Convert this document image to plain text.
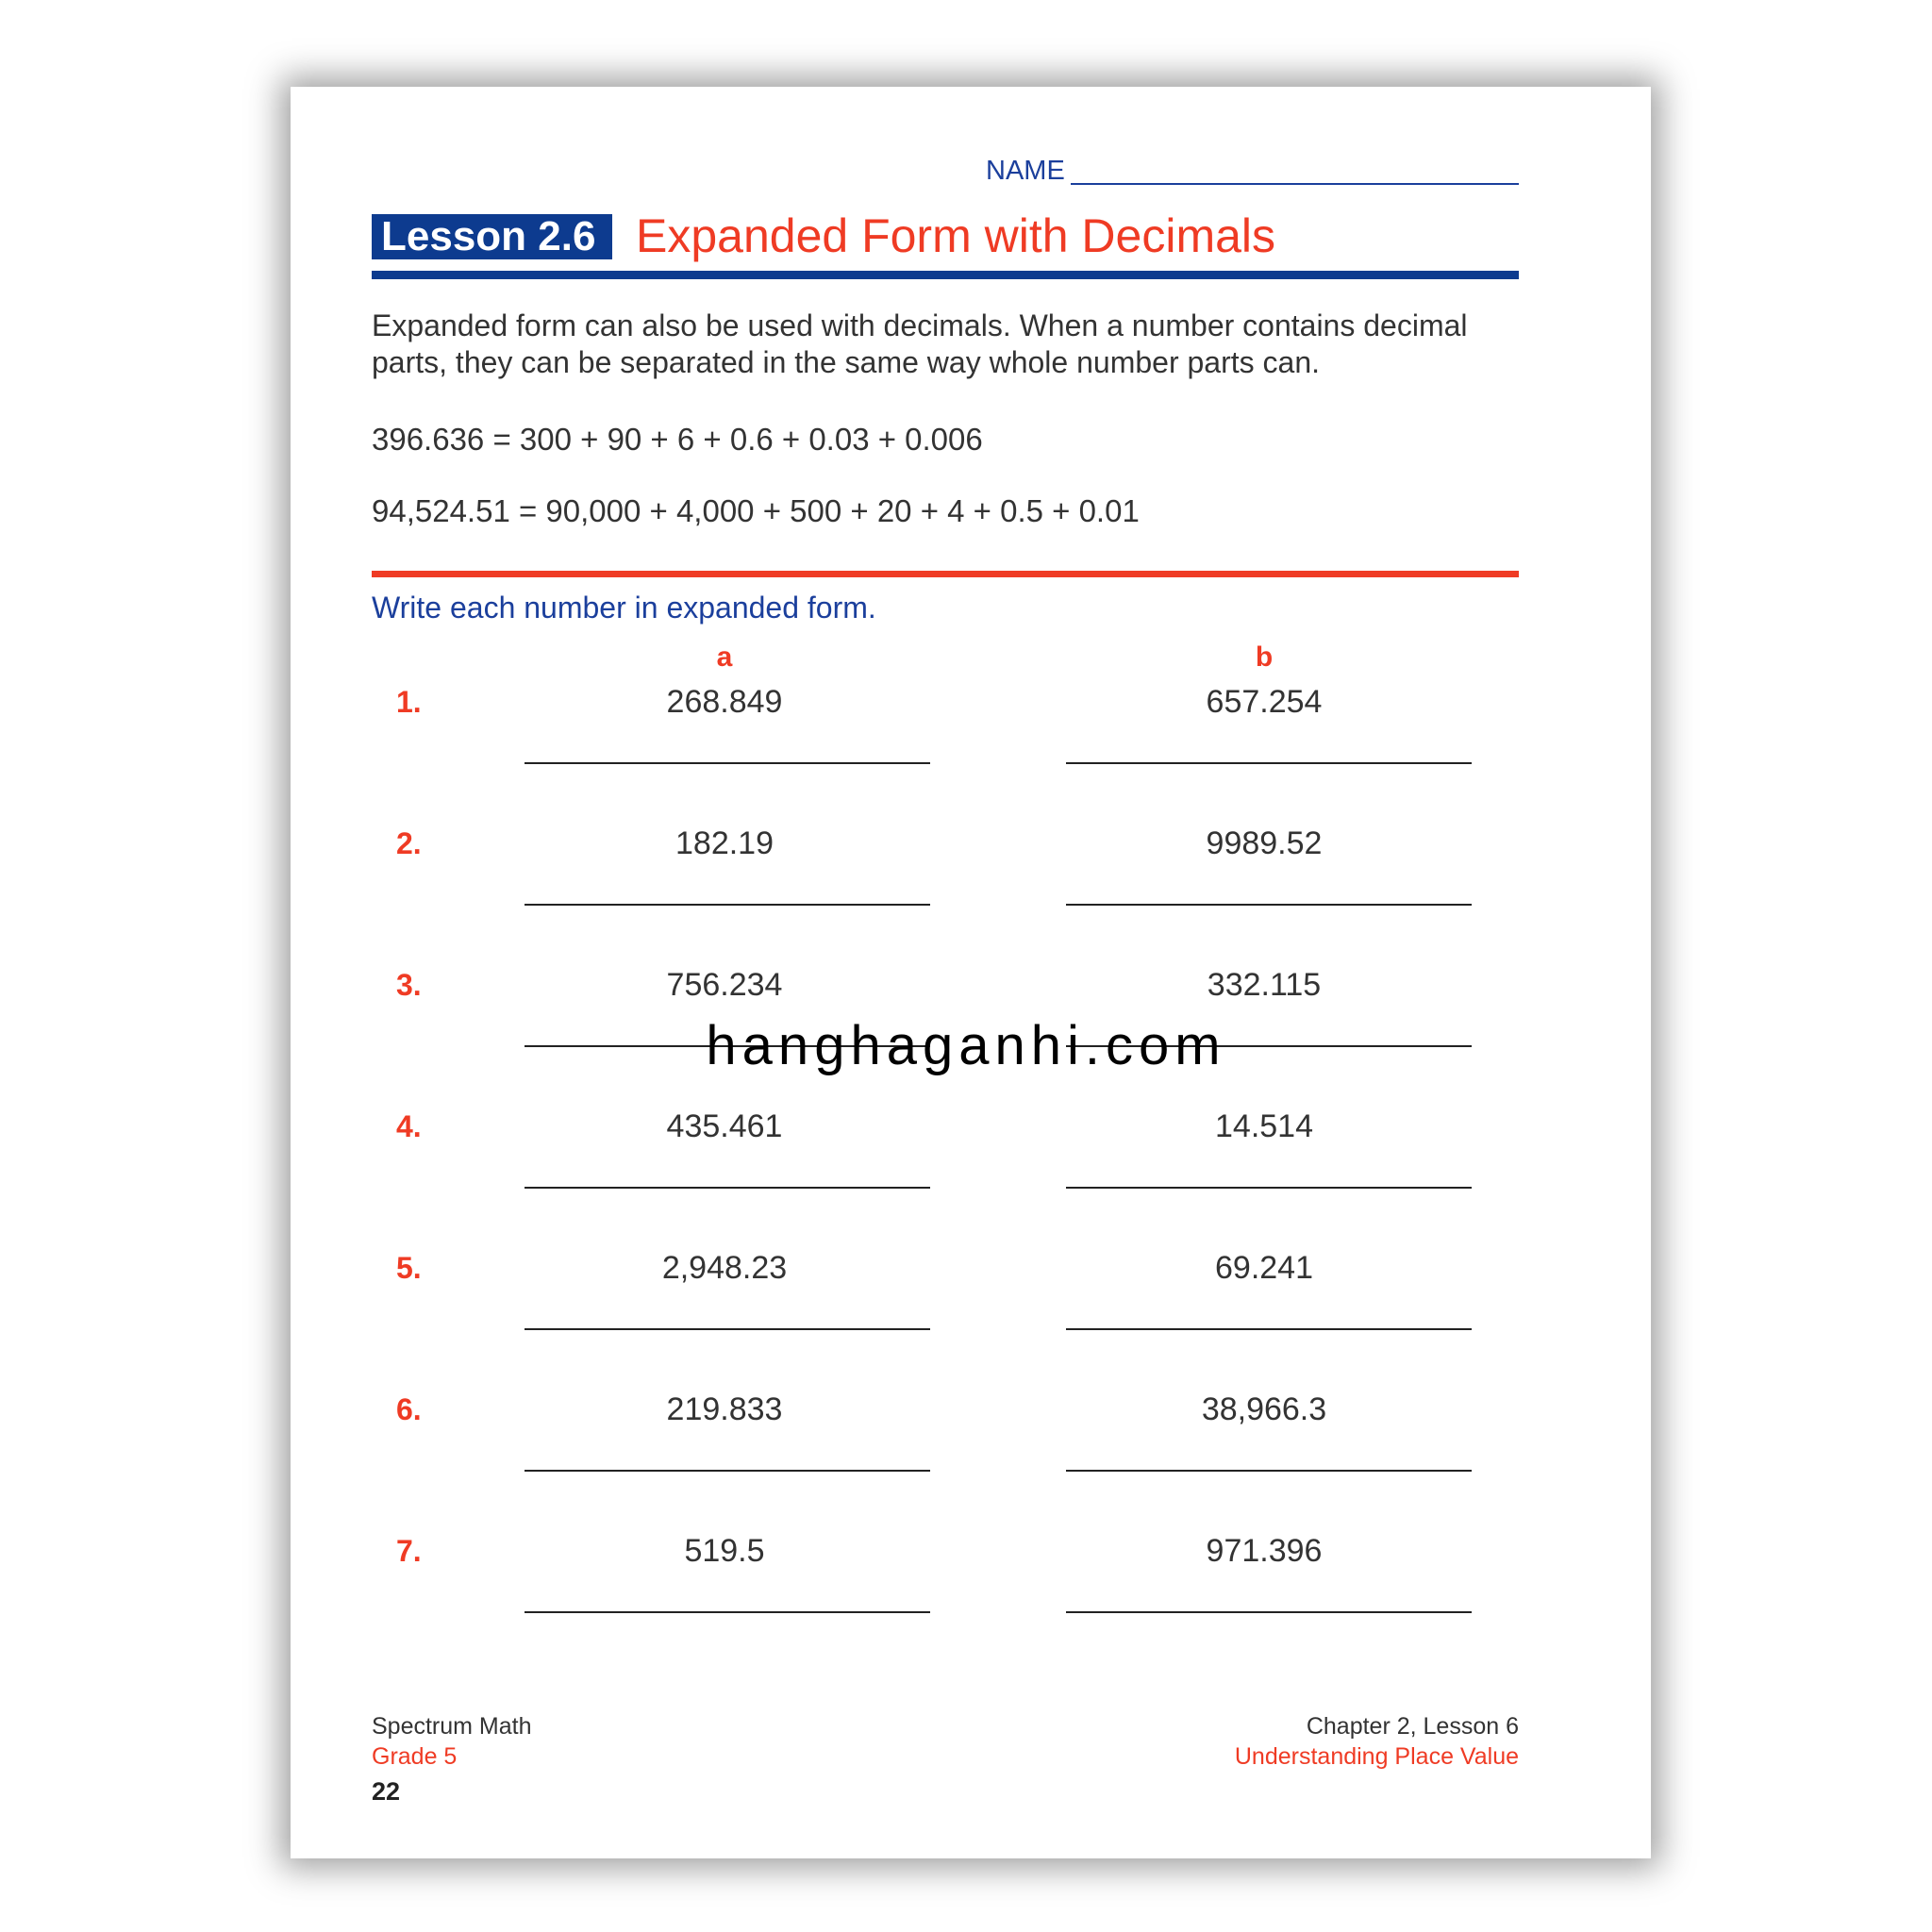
NAME
Lesson 2.6 Expanded Form with Decimals
Expanded form can also be used with decimals. When a number contains decimal parts, they can be separated in the same way whole number parts can.
396.636 = 300 + 90 + 6 + 0.6 + 0.03 + 0.006
94,524.51 = 90,000 + 4,000 + 500 + 20 + 4 + 0.5 + 0.01
Write each number in expanded form.
a	b
1.	268.849	657.254
2.	182.19	9989.52
3.	756.234	332.115
4.	435.461	14.514
5.	2,948.23	69.241
6.	219.833	38,966.3
7.	519.5	971.396
Spectrum Math
Grade 5
22
Chapter 2, Lesson 6
Understanding Place Value
hanghaganhi.com
